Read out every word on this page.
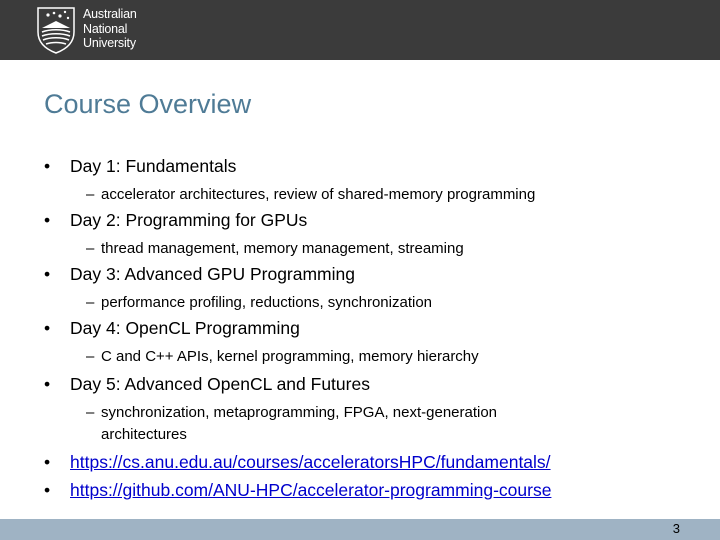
Australian
National
University
Course Overview
• Day 1: Fundamentals
– accelerator architectures, review of shared-memory programming
• Day 2: Programming for GPUs
– thread management, memory management, streaming
• Day 3: Advanced GPU Programming
– performance profiling, reductions, synchronization
• Day 4: OpenCL Programming
– C and C++ APIs, kernel programming, memory hierarchy
• Day 5: Advanced OpenCL and Futures
– synchronization, metaprogramming, FPGA, next-generation
architectures
• https://cs.anu.edu.au/courses/acceleratorsHPC/fundamentals/
• https://github.com/ANU-HPC/accelerator-programming-course
3
